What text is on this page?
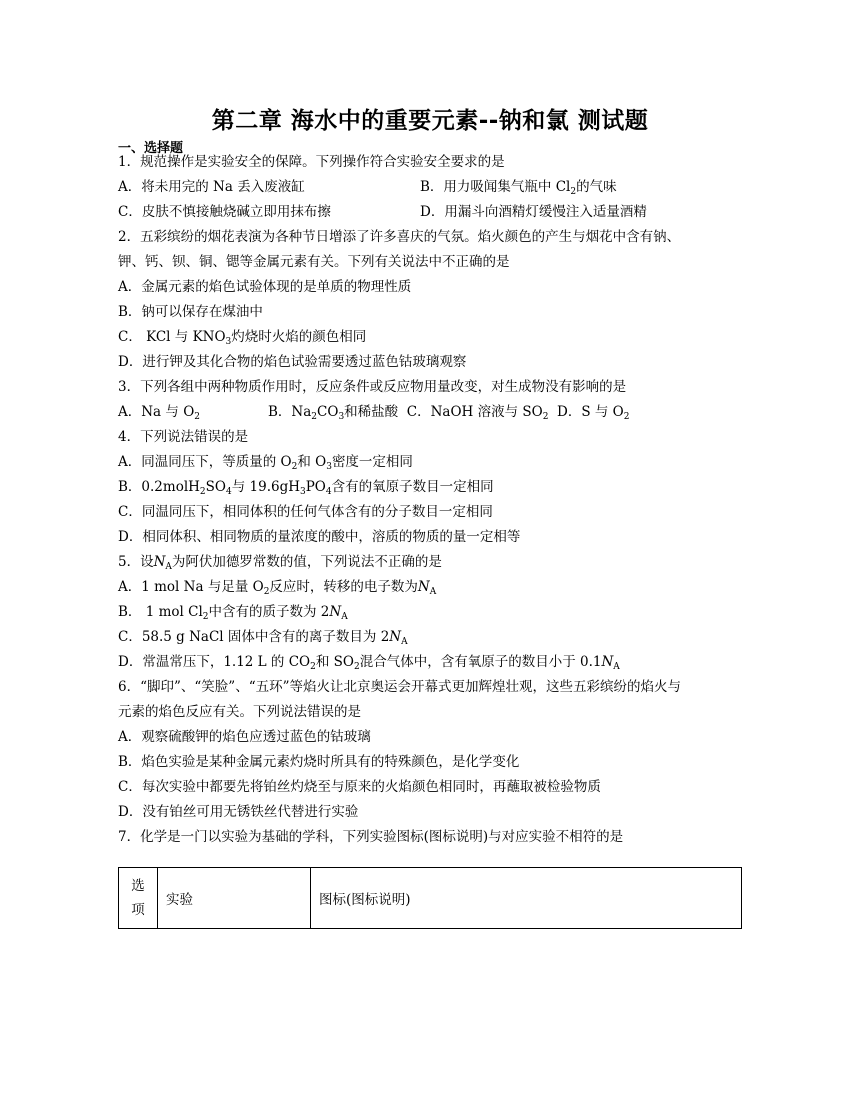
第二章 海水中的重要元素--钠和氯 测试题
一、选择题
1．规范操作是实验安全的保障。下列操作符合实验安全要求的是
A．将未用完的 Na 丢入废液缸	B．用力吸闻集气瓶中 $Cl_2$的气味
C．皮肤不慎接触烧碱立即用抹布擦	D．用漏斗向酒精灯缓慢注入适量酒精
2．五彩缤纷的烟花表演为各种节日增添了许多喜庆的气氛。焰火颜色的产生与烟花中含有钠、
钾、钙、钡、铜、锶等金属元素有关。下列有关说法中不正确的是
A．金属元素的焰色试验体现的是单质的物理性质
B．钠可以保存在煤油中
C． KCl 与 $KNO_3$灼烧时火焰的颜色相同
D．进行钾及其化合物的焰色试验需要透过蓝色钴玻璃观察
3．下列各组中两种物质作用时，反应条件或反应物用量改变，对生成物没有影响的是
A．Na 与 $O_2$	B．$Na_2CO_3$和稀盐酸 C．NaOH 溶液与 $SO_2$ D．S 与 $O_2$
4．下列说法错误的是
A．同温同压下，等质量的 $O_2$和 $O_3$密度一定相同
B．$0.2molH_2SO_4$与 $19.6gH_3PO_4$含有的氧原子数目一定相同
C．同温同压下，相同体积的任何气体含有的分子数目一定相同
D．相同体积、相同物质的量浓度的酸中，溶质的物质的量一定相等
5．设$N_A$为阿伏加德罗常数的值，下列说法不正确的是
A．1 mol Na 与足量 $O_2$反应时，转移的电子数为$N_A$
B． 1 mol $Cl_2$中含有的质子数为 $2N_A$
C．58.5 g NaCl 固体中含有的离子数目为 $2N_A$
D．常温常压下，1.12 L 的 $CO_2$和 $SO_2$混合气体中，含有氧原子的数目小于 $0.1N_A$
6．“脚印”、“笑脸”、“五环”等焰火让北京奥运会开幕式更加辉煌壮观，这些五彩缤纷的焰火与
元素的焰色反应有关。下列说法错误的是
A．观察硫酸钾的焰色应透过蓝色的钴玻璃
B．焰色实验是某种金属元素灼烧时所具有的特殊颜色，是化学变化
C．每次实验中都要先将铂丝灼烧至与原来的火焰颜色相同时，再蘸取被检验物质
D．没有铂丝可用无锈铁丝代替进行实验
7．化学是一门以实验为基础的学科，下列实验图标(图标说明)与对应实验不相符的是
选
项	实验	图标(图标说明)
